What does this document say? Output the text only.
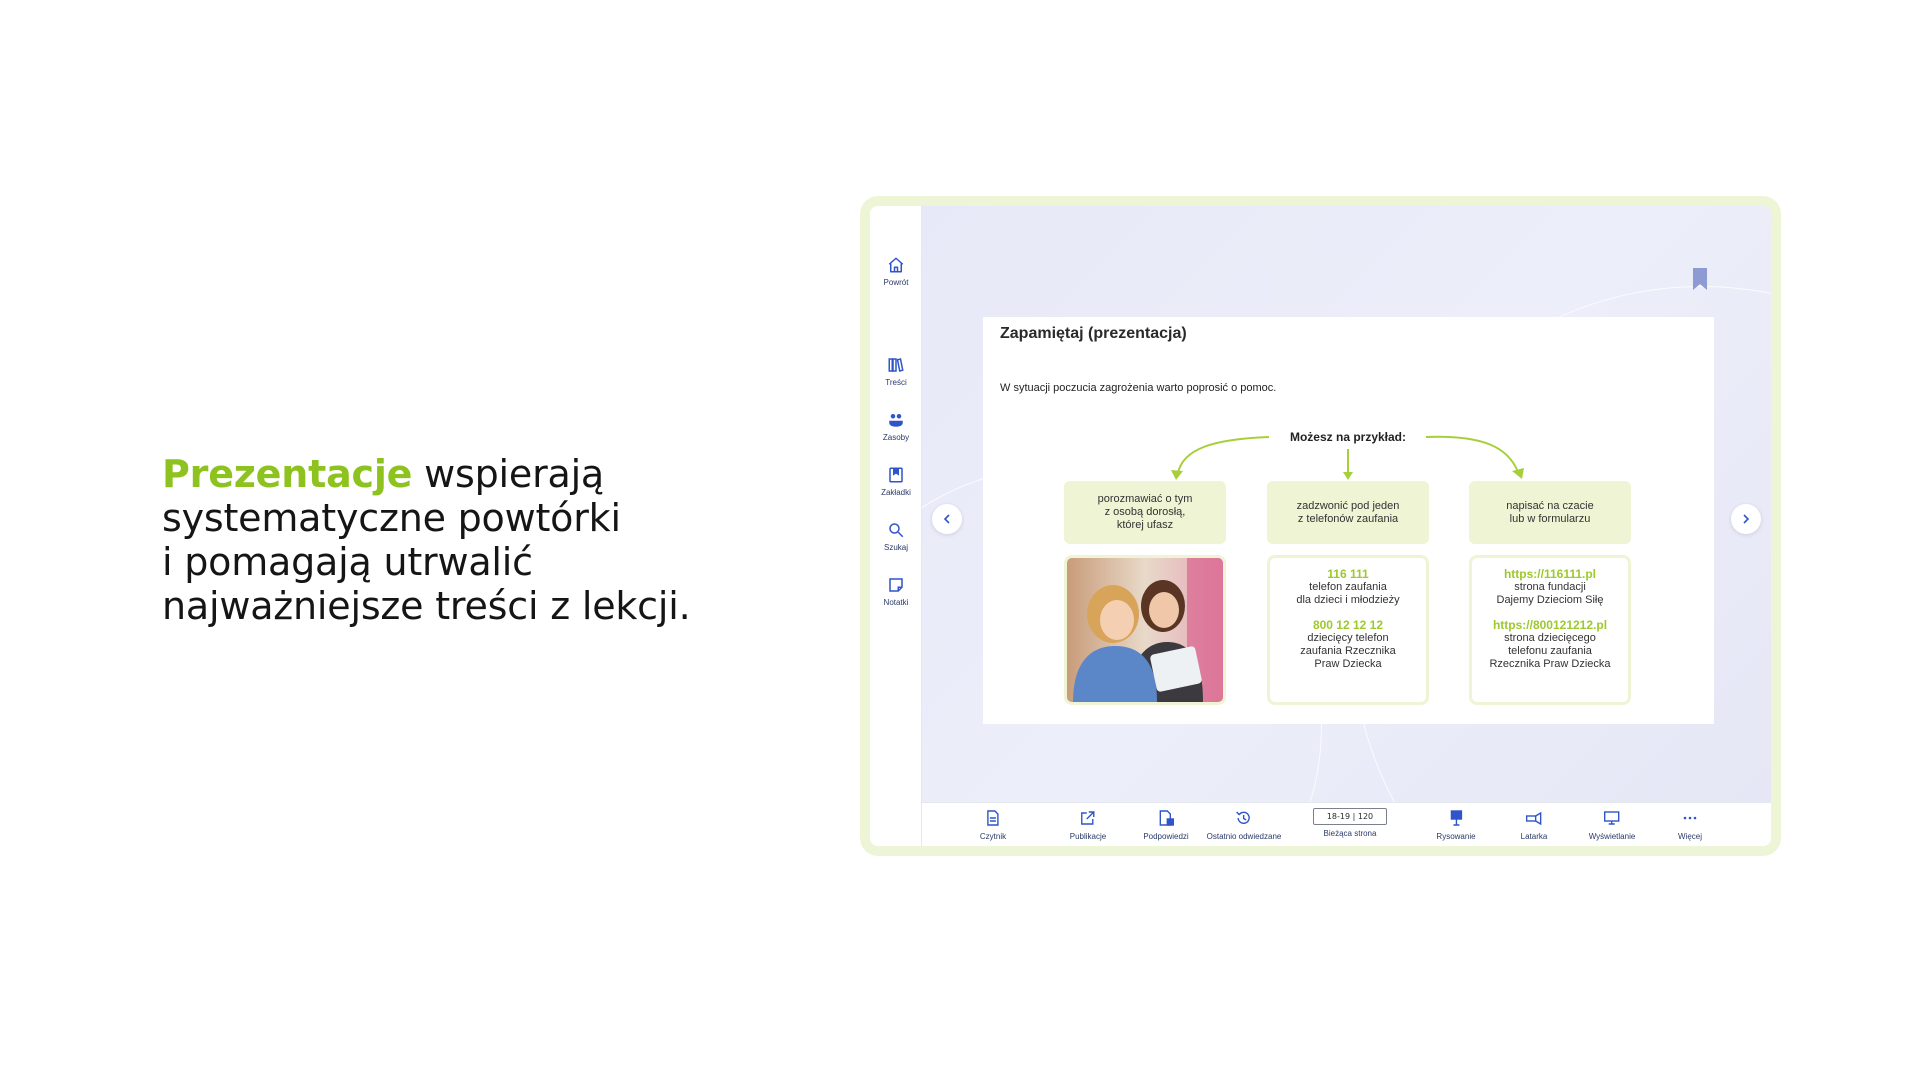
Prezentacje wspierają
systematyczne powtórki
i pomagają utrwalić
najważniejsze treści z lekcji.
Powrót
Treści
Zasoby
Zakładki
Szukaj
Notatki
Zapamiętaj (prezentacja)
W sytuacji poczucia zagrożenia warto poprosić o pomoc.
Możesz na przykład:
porozmawiać o tym
z osobą dorosłą,
której ufasz
zadzwonić pod jeden
z telefonów zaufania
napisać na czacie
lub w formularzu
116 111
telefon zaufania
dla dzieci i młodzieży
800 12 12 12
dziecięcy telefon
zaufania Rzecznika
Praw Dziecka
https://116111.pl
strona fundacji
Dajemy Dzieciom Siłę
https://800121212.pl
strona dziecięcego
telefonu zaufania
Rzecznika Praw Dziecka
Czytnik	Publikacje	Podpowiedzi Ostatnio odwiedzane
18-19 | 120
Bieżąca strona	Rysowanie	Latarka	Wyświetlanie	Więcej
